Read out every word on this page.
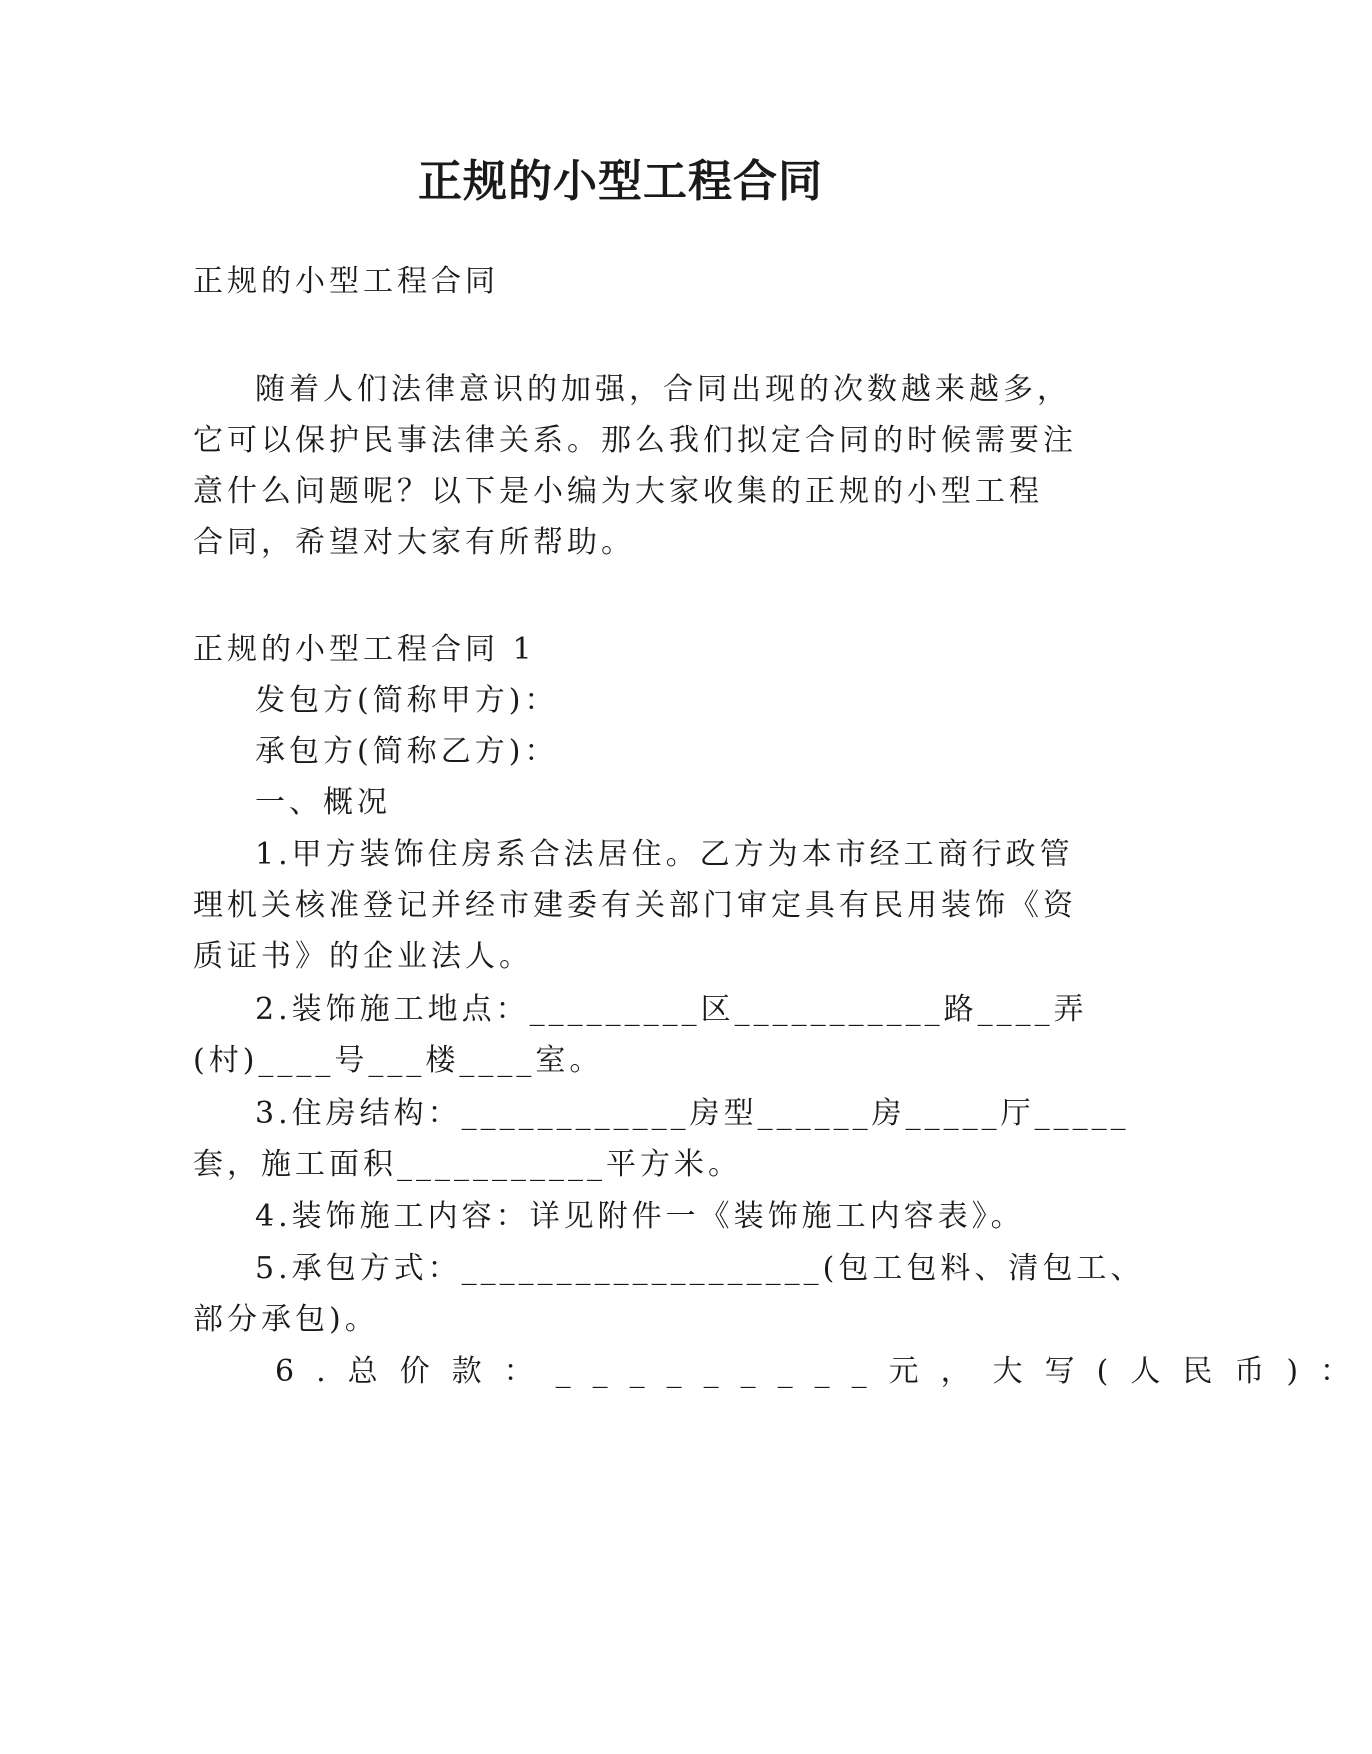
正规的小型工程合同

正规的小型工程合同

随着人们法律意识的加强，合同出现的次数越来越多，

它可以保护民事法律关系。那么我们拟定合同的时候需要注

意什么问题呢？以下是小编为大家收集的正规的小型工程

合同，希望对大家有所帮助。

正规的小型工程合同 1

发包方(简称甲方)：

承包方(简称乙方)：

一、概况

1.甲方装饰住房系合法居住。乙方为本市经工商行政管

理机关核准登记并经市建委有关部门审定具有民用装饰《资

质证书》的企业法人。

2.装饰施工地点：_________区___________路____弄

(村)____号___楼____室。

3.住房结构：____________房型______房_____厅_____

套，施工面积___________平方米。

4.装饰施工内容：详见附件一《装饰施工内容表》。

5.承包方式：___________________(包工包料、清包工、

部分承包)。

6.总价款：_________元，大写(人民币)：
